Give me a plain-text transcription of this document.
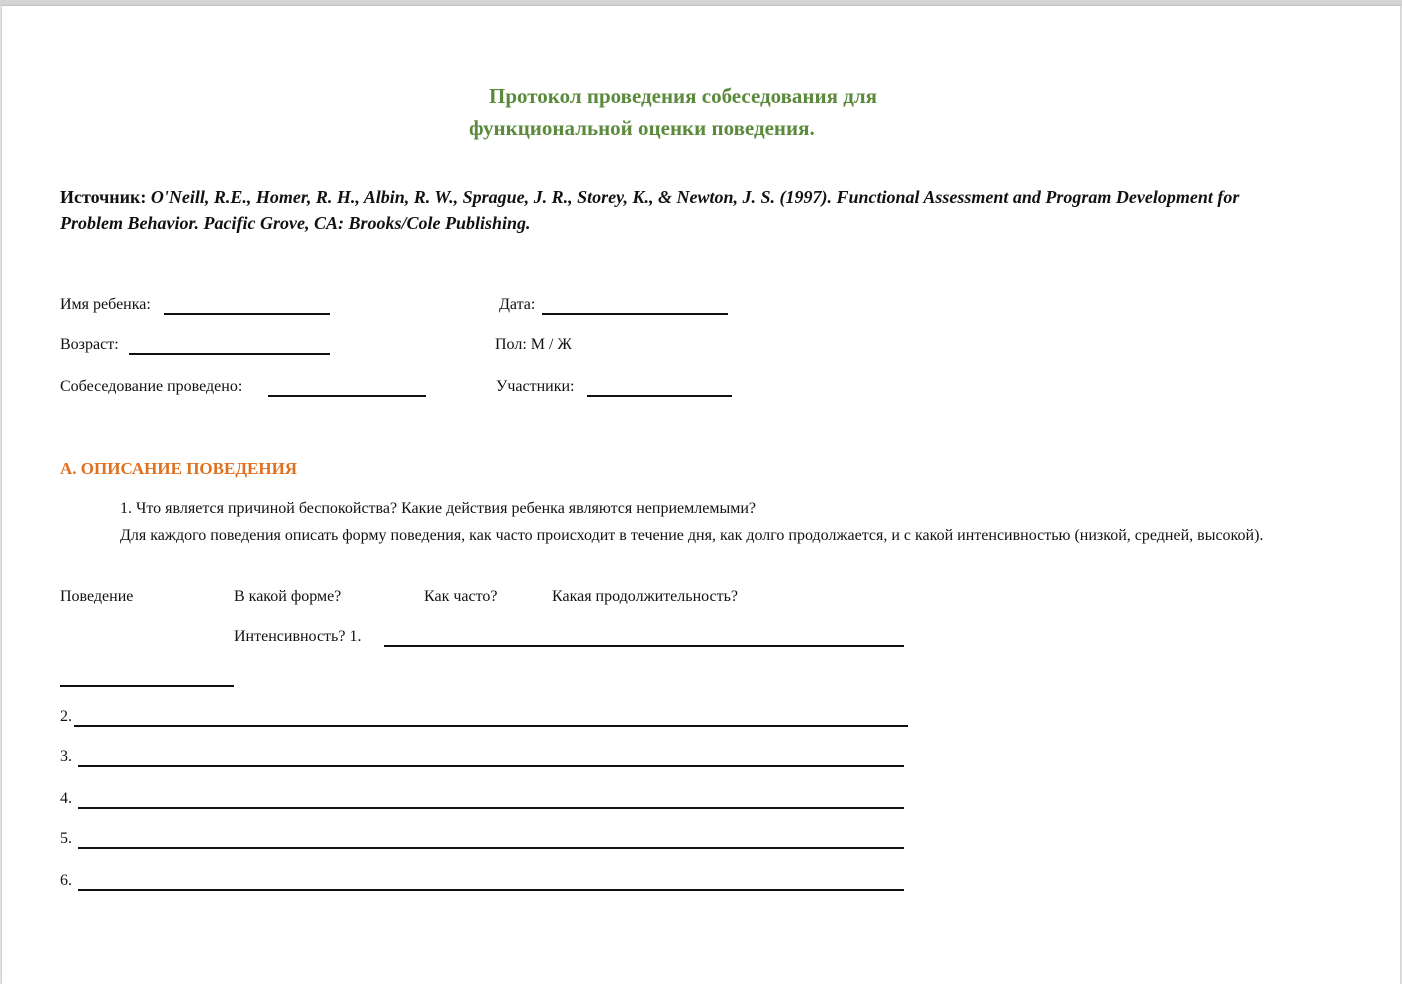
Протокол проведения собеседования для
функциональной оценки поведения.
Источник: O'Neill, R.E., Homer, R. H., Albin, R. W., Sprague, J. R., Storey, K., & Newton, J. S. (1997). Functional Assessment and Program Development for Problem Behavior. Pacific Grove, CA: Brooks/Cole Publishing.
Имя ребенка:	Дата:
Возраст:	Пол: М / Ж
Собеседование проведено:	Участники:
А. ОПИСАНИЕ ПОВЕДЕНИЯ
1. Что является причиной беспокойства? Какие действия ребенка являются неприемлемыми?
Для каждого поведения описать форму поведения, как часто происходит в течение дня, как долго продолжается, и с какой интенсивностью (низкой, средней, высокой).
Поведение	В какой форме?	Как часто?	Какая продолжительность?
Интенсивность? 1.
2.
3.
4.
5.
6.
